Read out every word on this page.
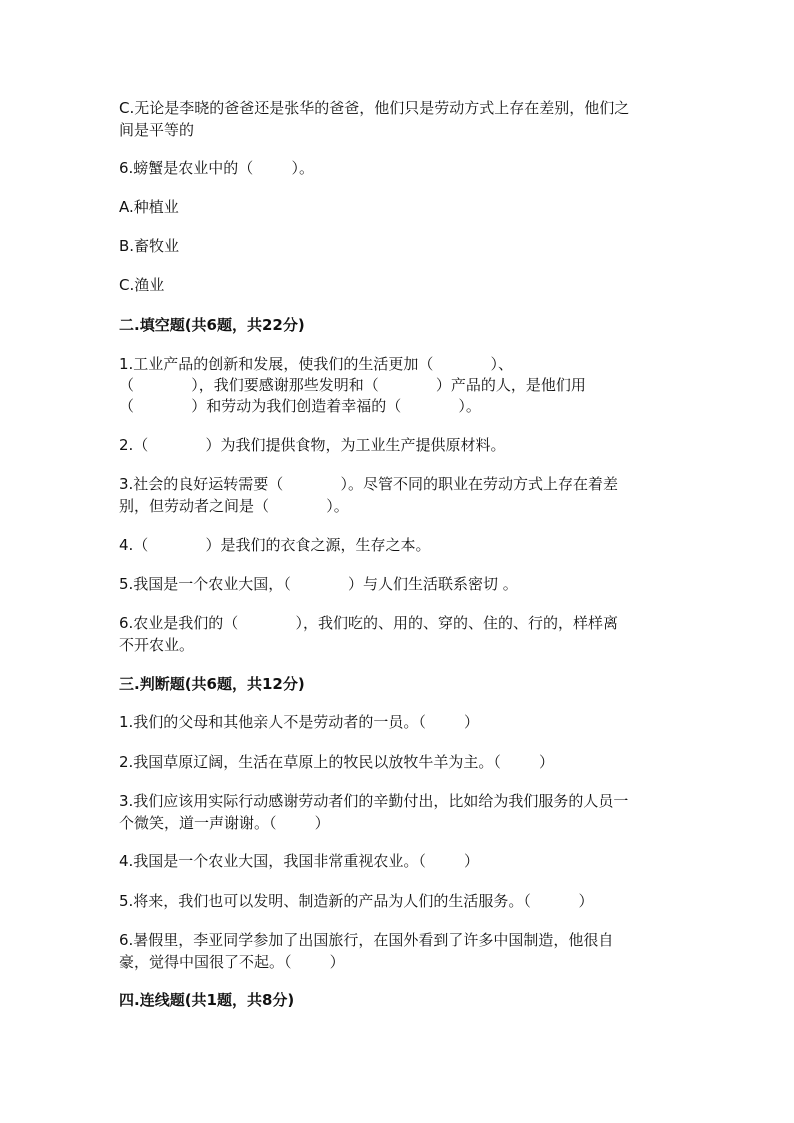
C.无论是李晓的爸爸还是张华的爸爸，他们只是劳动方式上存在差别，他们之

间是平等的

6.螃蟹是农业中的（        ）。

A.种植业

B.畜牧业

C.渔业

二.填空题(共6题，共22分)

1.工业产品的创新和发展，使我们的生活更加（            ）、

（            ），我们要感谢那些发明和（            ）产品的人，是他们用

（            ）和劳动为我们创造着幸福的（            ）。

2.（            ）为我们提供食物，为工业生产提供原材料。

3.社会的良好运转需要（            ）。尽管不同的职业在劳动方式上存在着差

别，但劳动者之间是（            ）。

4.（            ）是我们的衣食之源，生存之本。

5.我国是一个农业大国，（            ）与人们生活联系密切 。

6.农业是我们的（            ），我们吃的、用的、穿的、住的、行的，样样离

不开农业。

三.判断题(共6题，共12分)

1.我们的父母和其他亲人不是劳动者的一员。（        ）

2.我国草原辽阔，生活在草原上的牧民以放牧牛羊为主。（        ）

3.我们应该用实际行动感谢劳动者们的辛勤付出，比如给为我们服务的人员一

个微笑，道一声谢谢。（        ）

4.我国是一个农业大国，我国非常重视农业。（        ）

5.将来，我们也可以发明、制造新的产品为人们的生活服务。（          ）

6.暑假里，李亚同学参加了出国旅行，在国外看到了许多中国制造，他很自

豪，觉得中国很了不起。（        ）

四.连线题(共1题，共8分)
